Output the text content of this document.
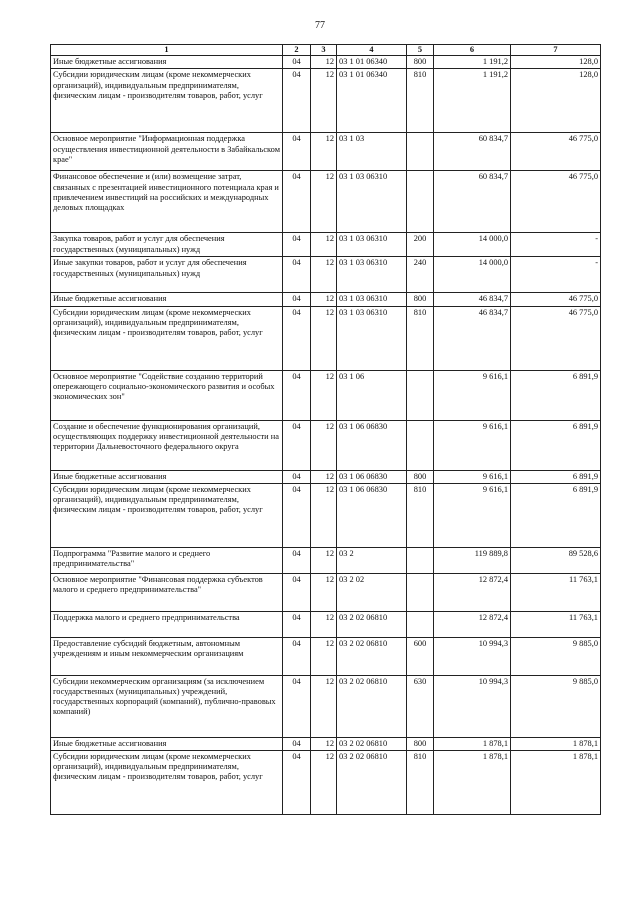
77
1	2	3	4	5	6	7
Иные бюджетные ассигнования	04	12	03 1 01 06340	800	1 191,2	128,0
Субсидии юридическим лицам (кроме некоммерческих организаций), индивидуальным предпринимателям, физическим лицам - производителям товаров, работ, услуг	04	12	03 1 01 06340	810	1 191,2	128,0
Основное мероприятие "Информационная поддержка осуществления инвестиционной деятельности в Забайкальском крае"	04	12	03 1 03		60 834,7	46 775,0
Финансовое обеспечение и (или) возмещение затрат, связанных с презентацией инвестиционного потенциала края и привлечением инвестиций на российских и международных деловых площадках	04	12	03 1 03 06310		60 834,7	46 775,0
Закупка товаров, работ и услуг для обеспечения государственных (муниципальных) нужд	04	12	03 1 03 06310	200	14 000,0	-
Иные закупки товаров, работ и услуг для обеспечения государственных (муниципальных) нужд	04	12	03 1 03 06310	240	14 000,0	-
Иные бюджетные ассигнования	04	12	03 1 03 06310	800	46 834,7	46 775,0
Субсидии юридическим лицам (кроме некоммерческих организаций), индивидуальным предпринимателям, физическим лицам - производителям товаров, работ, услуг	04	12	03 1 03 06310	810	46 834,7	46 775,0
Основное мероприятие "Содействие созданию территорий опережающего социально-экономического развития и особых экономических зон"	04	12	03 1 06		9 616,1	6 891,9
Создание и обеспечение функционирования организаций, осуществляющих поддержку инвестиционной деятельности на территории Дальневосточного федерального округа	04	12	03 1 06 06830		9 616,1	6 891,9
Иные бюджетные ассигнования	04	12	03 1 06 06830	800	9 616,1	6 891,9
Субсидии юридическим лицам (кроме некоммерческих организаций), индивидуальным предпринимателям, физическим лицам - производителям товаров, работ, услуг	04	12	03 1 06 06830	810	9 616,1	6 891,9
Подпрограмма "Развитие малого и среднего предпринимательства"	04	12	03 2		119 889,8	89 528,6
Основное мероприятие "Финансовая поддержка субъектов малого и среднего предпринимательства"	04	12	03 2 02		12 872,4	11 763,1
Поддержка малого и среднего предпринимательства	04	12	03 2 02 06810		12 872,4	11 763,1
Предоставление субсидий бюджетным, автономным учреждениям и иным некоммерческим организациям	04	12	03 2 02 06810	600	10 994,3	9 885,0
Субсидии некоммерческим организациям (за исключением государственных (муниципальных) учреждений, государственных корпораций (компаний), публично-правовых компаний)	04	12	03 2 02 06810	630	10 994,3	9 885,0
Иные бюджетные ассигнования	04	12	03 2 02 06810	800	1 878,1	1 878,1
Субсидии юридическим лицам (кроме некоммерческих организаций), индивидуальным предпринимателям, физическим лицам - производителям товаров, работ, услуг	04	12	03 2 02 06810	810	1 878,1	1 878,1
